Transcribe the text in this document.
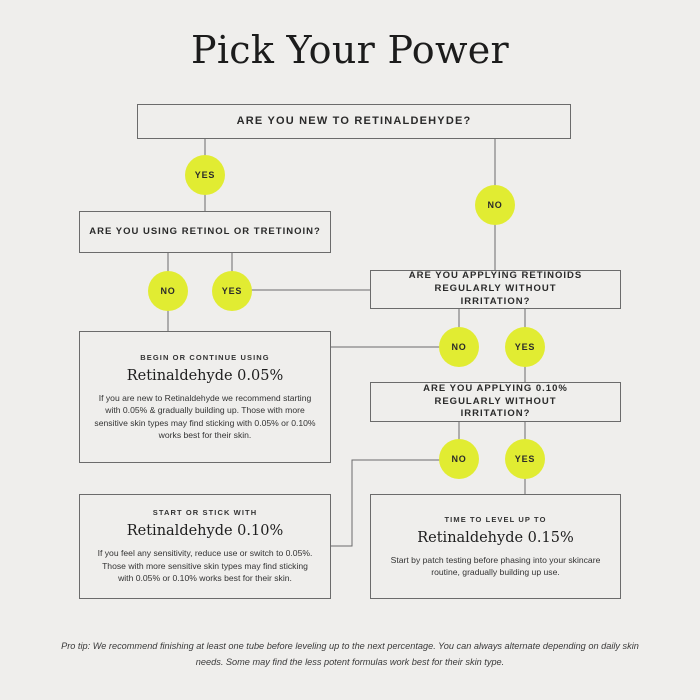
Pick Your Power
ARE YOU NEW TO RETINALDEHYDE?
ARE YOU USING RETINOL OR TRETINOIN?
ARE YOU APPLYING RETINOIDS REGULARLY WITHOUT IRRITATION?
ARE YOU APPLYING 0.10% REGULARLY WITHOUT IRRITATION?
YES
NO
NO	YES
NO	YES
NO	YES
BEGIN OR CONTINUE USING
Retinaldehyde 0.05%
If you are new to Retinaldehyde we recommend starting with 0.05% & gradually building up. Those with more sensitive skin types may find sticking with 0.05% or 0.10% works best for their skin.
START OR STICK WITH
Retinaldehyde 0.10%
If you feel any sensitivity, reduce use or switch to 0.05%. Those with more sensitive skin types may find sticking with 0.05% or 0.10% works best for their skin.
TIME TO LEVEL UP TO
Retinaldehyde 0.15%
Start by patch testing before phasing into your skincare routine, gradually building up use.
Pro tip: We recommend finishing at least one tube before leveling up to the next percentage. You can always alternate depending on daily skin needs. Some may find the less potent formulas work best for their skin type.
